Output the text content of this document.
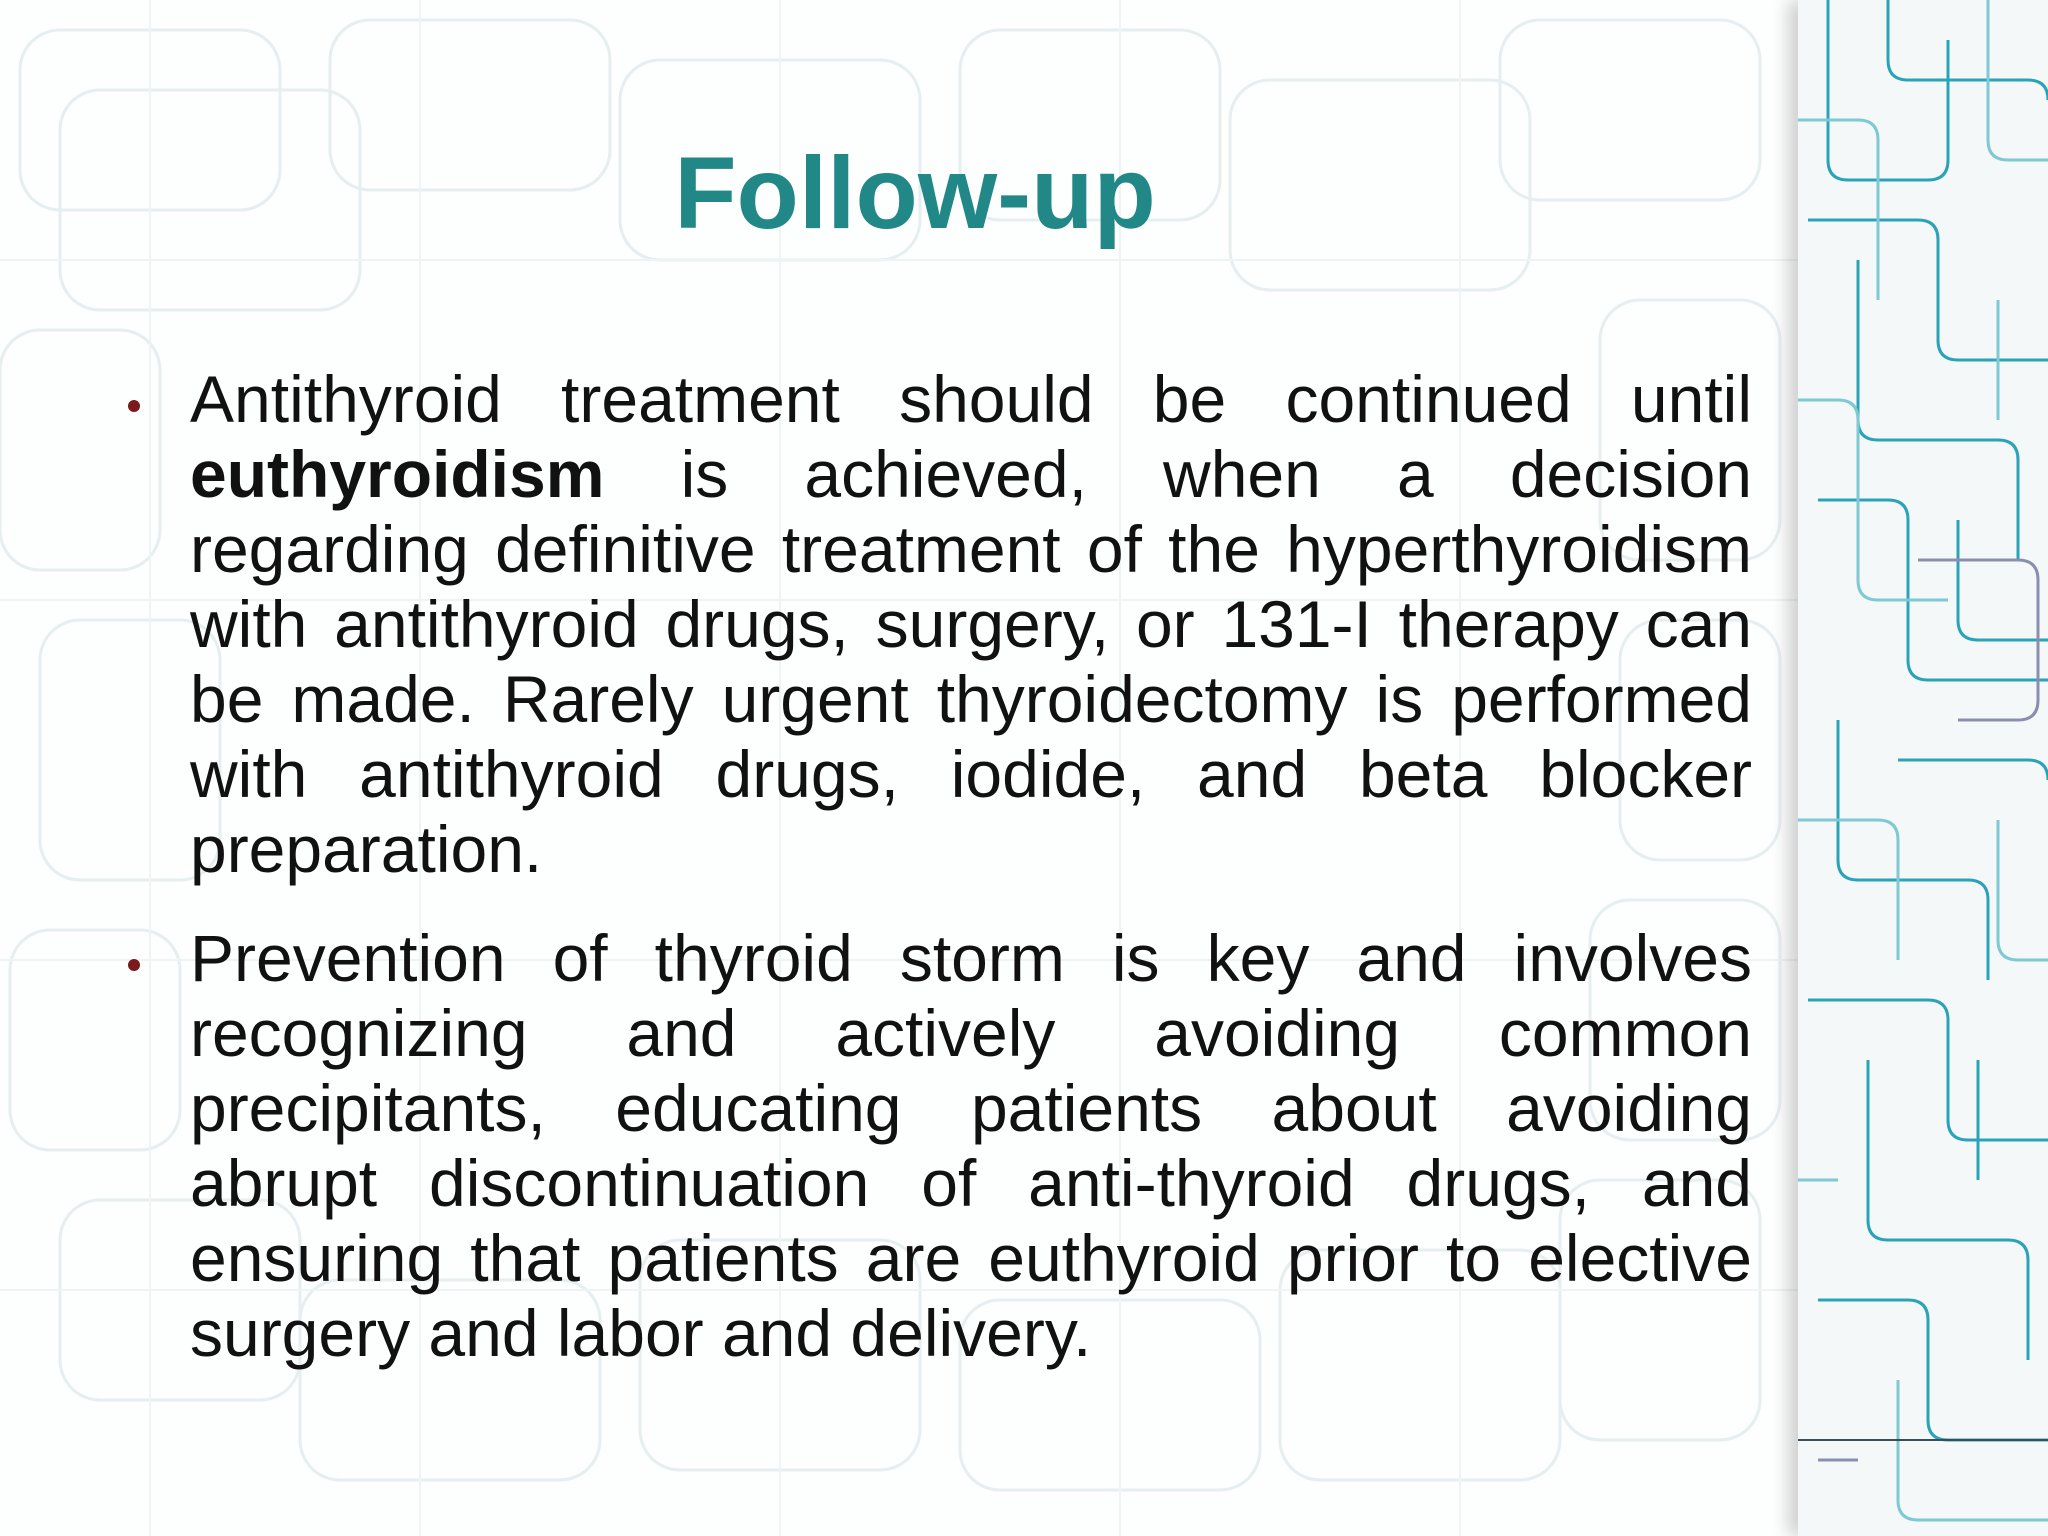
Follow-up

Antithyroid treatment should be continued until euthyroidism is achieved, when a decision regarding definitive treatment of the hyperthyroidism with antithyroid drugs, surgery, or 131-I therapy can be made. Rarely urgent thyroidectomy is performed with antithyroid drugs, iodide, and beta blocker preparation.

Prevention of thyroid storm is key and involves recognizing and actively avoiding common precipitants, educating patients about avoiding abrupt discontinuation of anti-thyroid drugs, and ensuring that patients are euthyroid prior to elective surgery and labor and delivery.
